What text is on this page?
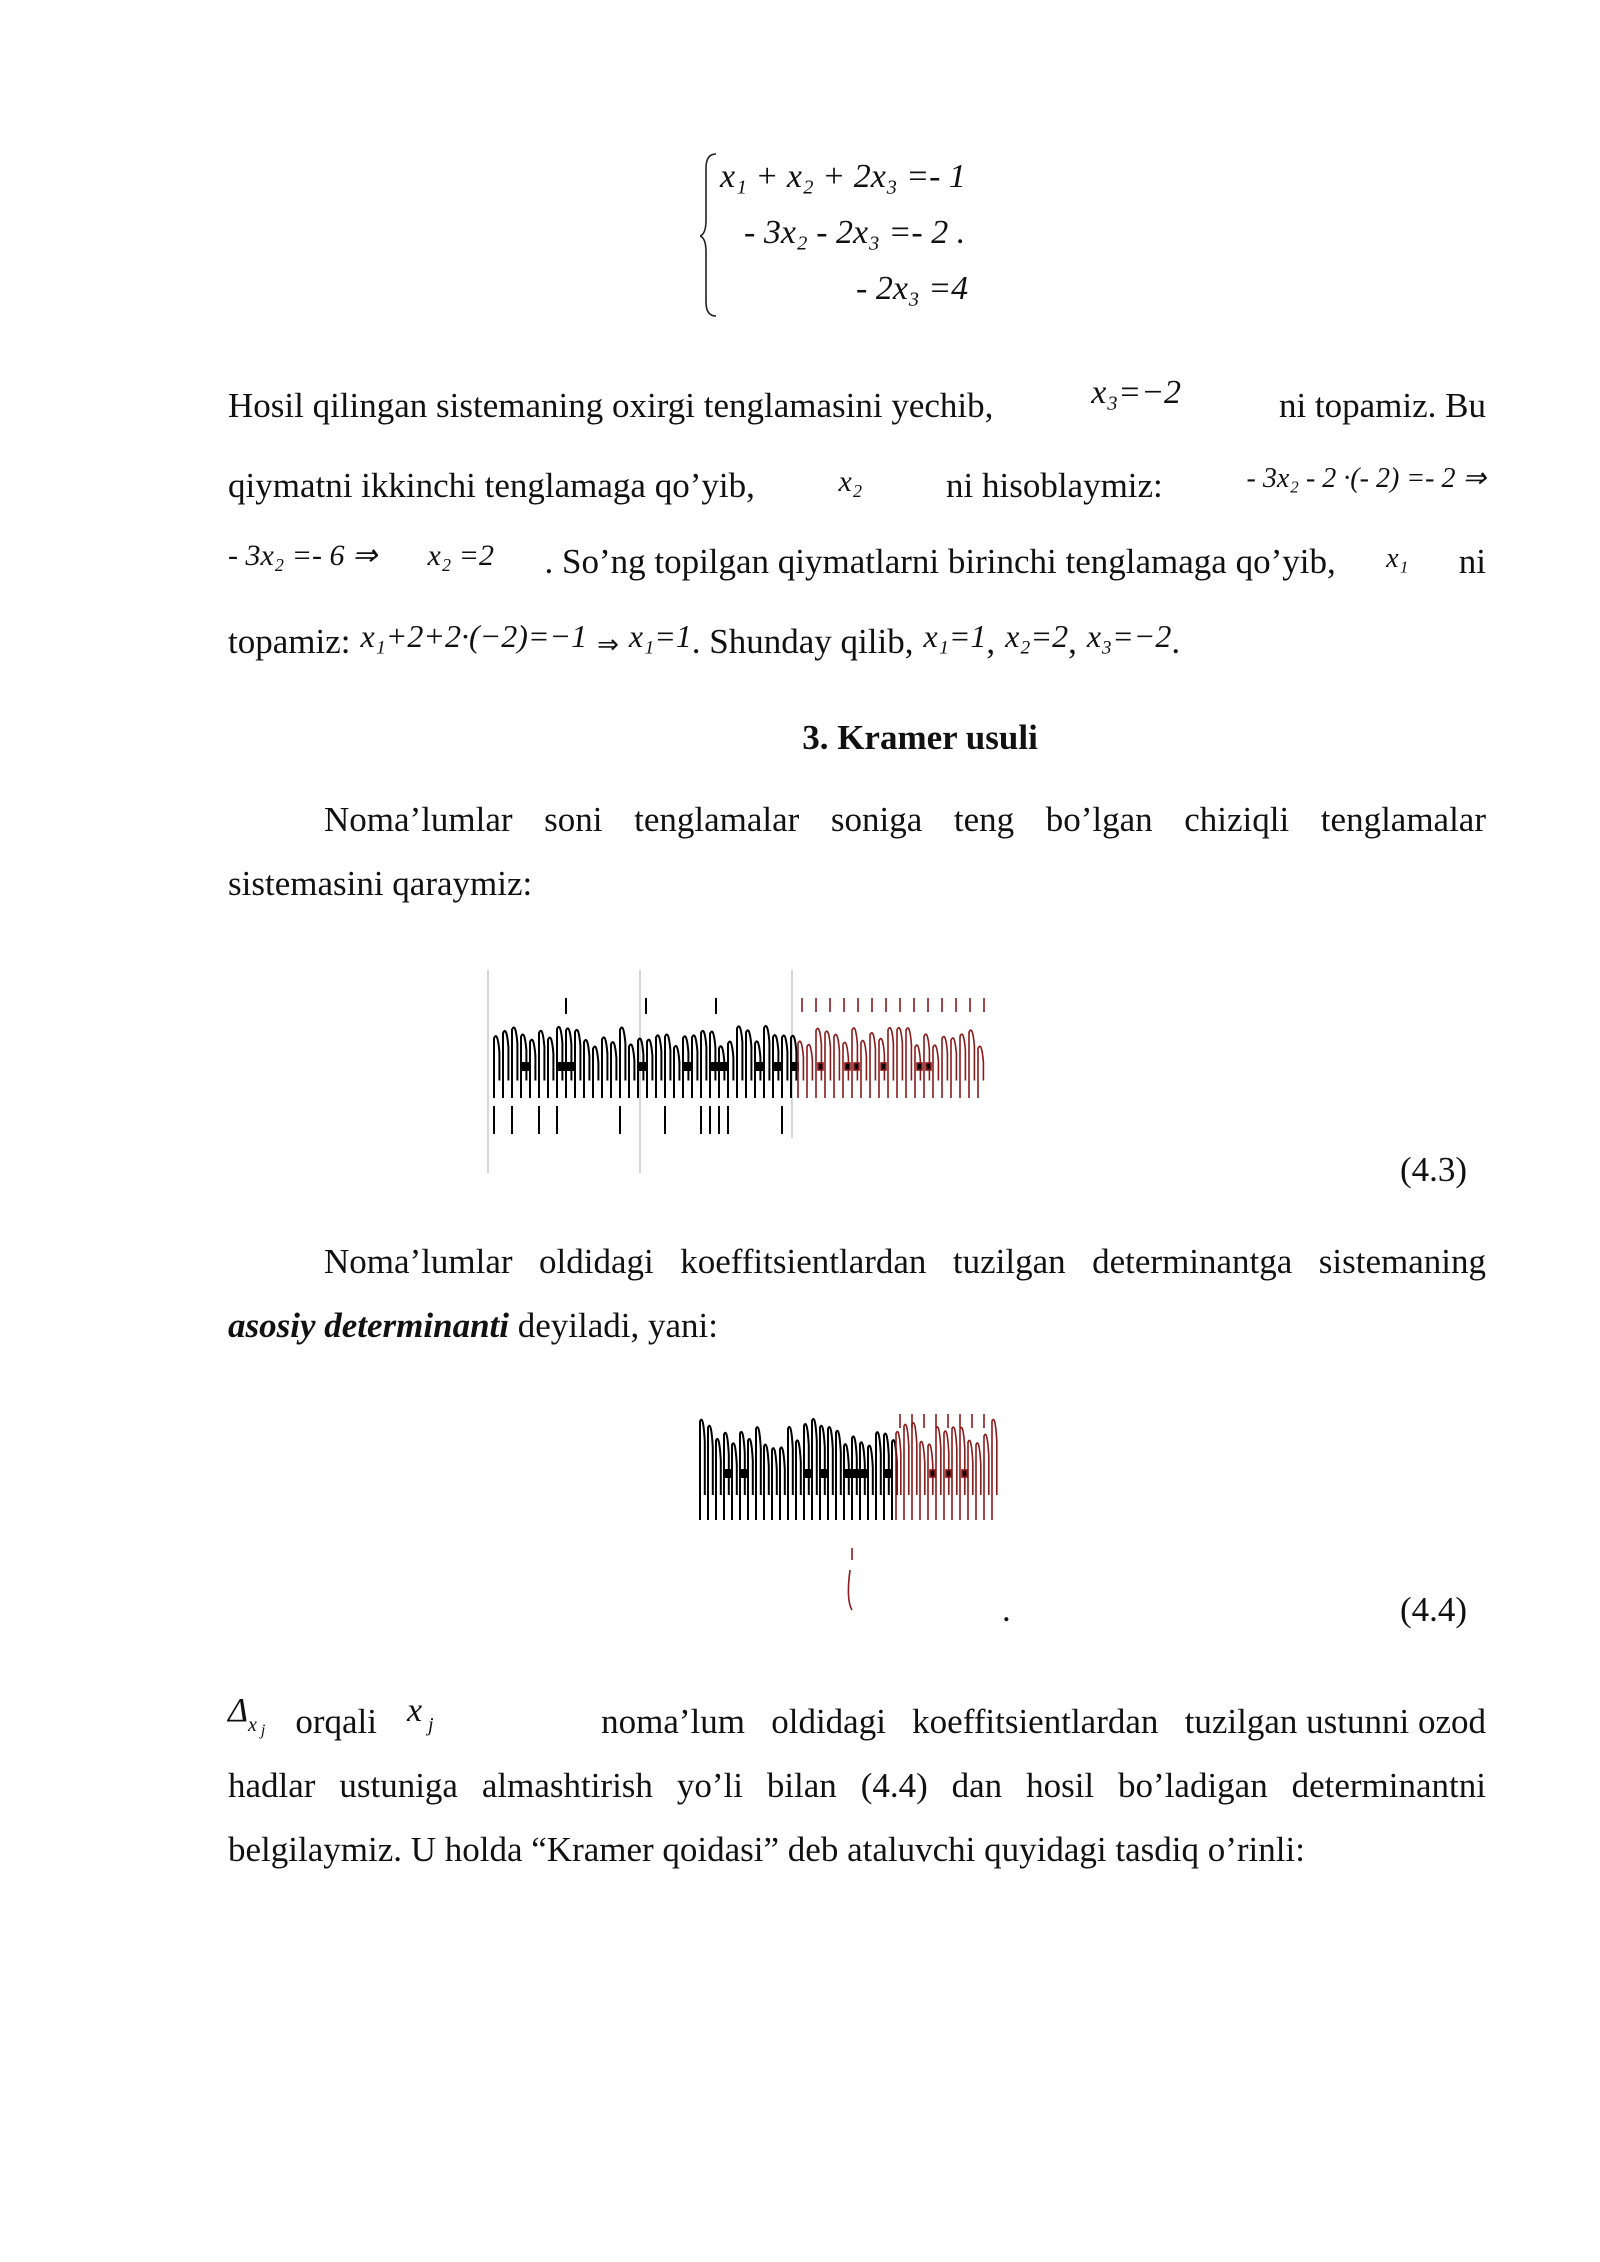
x₁ + x₂ + 2x₃ =- 1
- 3x₂ - 2x₃ =- 2 .
- 2x₃ =4
Hosil qilingan sistemaning oxirgi tenglamasini yechib,	x₃=−2	ni topamiz. Bu
qiymatni ikkinchi tenglamaga qo’yib,	x₂ ni hisoblaymiz:	- 3x₂ - 2 ·(- 2) =- 2 ⇒
- 3x₂ =- 6 ⇒ x₂ =2 . So’ng topilgan qiymatlarni birinchi tenglamaga qo’yib, x₁ ni
topamiz: x₁+2+2·(−2)=−1 ⇒ x₁=1 . Shunday qilib, x₁=1 , x₂=2 , x₃=−2 .
3. Kramer usuli
Noma’lumlar soni tenglamalar soniga teng bo’lgan chiziqli tenglamalar
sistemasini qaraymiz:
(4.3)
Noma’lumlar oldidagi koeffitsientlardan tuzilgan determinantga sistemaning
asosiy determinanti deyiladi, yani:
.	(4.4)
$\Delta_x$ $_j$ orqali x $_j$	noma’lum   oldidagi   koeffitsientlardan   tuzilgan ustunni ozod
hadlar ustuniga almashtirish yo’li bilan (4.4) dan hosil bo’ladigan determinantni
belgilaymiz. U holda “Kramer qoidasi” deb ataluvchi quyidagi tasdiq o’rinli:
